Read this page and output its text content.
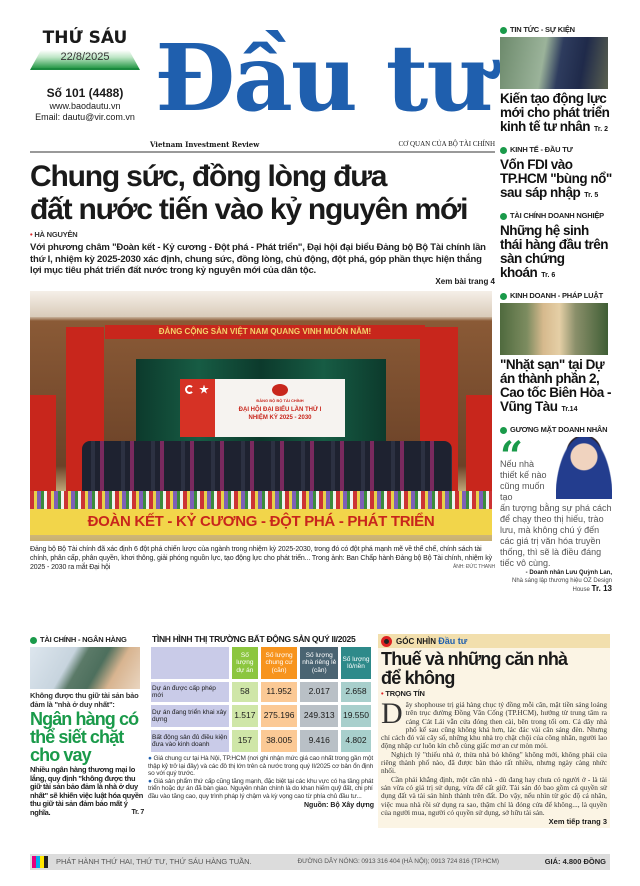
THỨ SÁU
22/8/2025
Số 101 (4488)
www.baodautu.vn
Email: dautu@vir.com.vn Đầu tư
Vietnam Investment Review	CƠ QUAN CỦA BỘ TÀI CHÍNH
Chung sức, đồng lòng đưa
đất nước tiến vào kỷ nguyên mới
• HÀ NGUYÊN
Với phương châm "Đoàn kết - Kỷ cương - Đột phá - Phát triển", Đại hội đại biểu Đảng bộ Bộ Tài chính lần thứ I, nhiệm kỳ 2025-2030 xác định, chung sức, đồng lòng, chủ động, đột phá, góp phần thực hiện thắng lợi mục tiêu phát triển đất nước trong kỷ nguyên mới của dân tộc.
Xem bài trang 4
ĐẢNG CỘNG SẢN VIỆT NAM QUANG VINH MUÔN NĂM!
ĐẢNG BỘ BỘ TÀI CHÍNH
ĐẠI HỘI ĐẠI BIỂU LẦN THỨ I
NHIỆM KỲ 2025 - 2030
ĐOÀN KẾT - KỶ CƯƠNG - ĐỘT PHÁ - PHÁT TRIỂN
Đảng bộ Bộ Tài chính đã xác định 6 đột phá chiến lược của ngành trong nhiệm kỳ 2025-2030, trong đó có đột phá mạnh mẽ về thể chế, chính sách tài chính, phân cấp, phân quyền, khơi thông, giải phóng nguồn lực, tạo động lực cho phát triển... Trong ảnh: Ban Chấp hành Đảng bộ Bộ Tài chính, nhiệm kỳ 2025 - 2030 ra mắt Đại hội	ẢNH: ĐỨC THANH
TIN TỨC - SỰ KIỆN
Kiến tạo động lực mới cho phát triển kinh tế tư nhân Tr. 2
KINH TẾ - ĐẦU TƯ
Vốn FDI vào TP.HCM "bùng nổ" sau sáp nhập Tr. 5
TÀI CHÍNH DOANH NGHIỆP
Những hệ sinh thái hàng đầu trên sàn chứng khoán Tr. 6
KINH DOANH - PHÁP LUẬT
"Nhặt sạn" tại Dự án thành phần 2, Cao tốc Biên Hòa - Vũng Tàu Tr.14
GƯƠNG MẶT DOANH NHÂN
Nếu nhà thiết kế nào cũng muốn tạo
ấn tượng bằng sự phá cách để chạy theo thị hiếu, trào lưu, mà không chú ý đến các giá trị văn hóa truyền thống, thì sẽ là điều đáng tiếc vô cùng.
- Doanh nhân Lưu Quỳnh Lan,
Nhà sáng lập thương hiệu OZ Design House Tr. 13
TÀI CHÍNH - NGÂN HÀNG
Không được thu giữ tài sản bảo đảm là "nhà ở duy nhất":
Ngân hàng có thể siết chặt cho vay
Nhiều ngân hàng thương mại lo lắng, quy định "không được thu giữ tài sản bảo đảm là nhà ở duy nhất" sẽ khiến việc luật hóa quyền thu giữ tài sản đảm bảo mất ý nghĩa.	Tr. 7
TÌNH HÌNH THỊ TRƯỜNG BẤT ĐỘNG SẢN QUÝ II/2025
	Số lượng dự án	Số lượng chung cư (căn)	Số lượng nhà riêng lẻ (căn)	Số lượng lô/nền
Dự án được cấp phép mới	58	11.952	2.017	2.658
Dự án đang triển khai xây dựng	1.517	275.196	249.313	19.550
Bất động sản đủ điều kiện đưa vào kinh doanh	157	38.005	9.416	4.802
● Giá chung cư tại Hà Nội, TP.HCM (nơi ghi nhận mức giá cao nhất trong gần một thập kỷ trở lại đây) và các đô thị lớn trên cả nước trong quý II/2025 cơ bản ổn định so với quý trước.
● Giá sản phẩm thứ cấp cũng tăng mạnh, đặc biệt tại các khu vực có hạ tầng phát triển hoặc dự án đã bàn giao. Nguyên nhân chính là do khan hiếm quỹ đất, chi phí đầu vào tăng cao, quy trình pháp lý chậm và kỳ vọng cao từ phía chủ đầu tư...
Nguồn: Bộ Xây dựng
GÓC NHÌN Đầu tư
Thuế và những căn nhà để không
• TRỌNG TÍN

Dãy shophouse trị giá hàng chục tỷ đồng mỗi căn, mặt tiền sáng loáng trên trục đường Đồng Văn Cống (TP.HCM), hướng từ trung tâm ra cảng Cát Lái vẫn cửa đóng then cài, bên trong tối om. Cả dãy nhà phố kế sau cũng không khá hơn, lác đác vài căn sáng đèn. Nhưng chỉ cách đó vài cây số, những khu nhà trọ chật chội của công nhân, người lao động nhập cư luôn kín chỗ cùng giấc mơ an cư mòn mỏi.

Nghịch lý "thiếu nhà ở, thừa nhà bỏ không" không mới, không phải của riêng thành phố nào, đã được bàn thảo rất nhiều, nhưng ngày càng nhức nhối.

Cần phải khẳng định, một căn nhà - dù đang hay chưa có người ở - là tài sản vừa có giá trị sử dụng, vừa để cất giữ. Tài sản đó bao gồm cả quyền sử dụng đất và tài sản hình thành trên đất. Do vậy, nếu nhìn từ góc độ cá nhân, việc mua nhà rồi sử dụng ra sao, thậm chí là đóng cửa để không..., là quyền của người mua, người có quyền sử dụng, sở hữu tài sản.

Xem tiếp trang 3
PHÁT HÀNH THỨ HAI, THỨ TƯ, THỨ SÁU HÀNG TUẦN.	ĐƯỜNG DÂY NÓNG: 0913 316 404 (HÀ NỘI); 0913 724 816 (TP.HCM)	GIÁ: 4.800 ĐỒNG
